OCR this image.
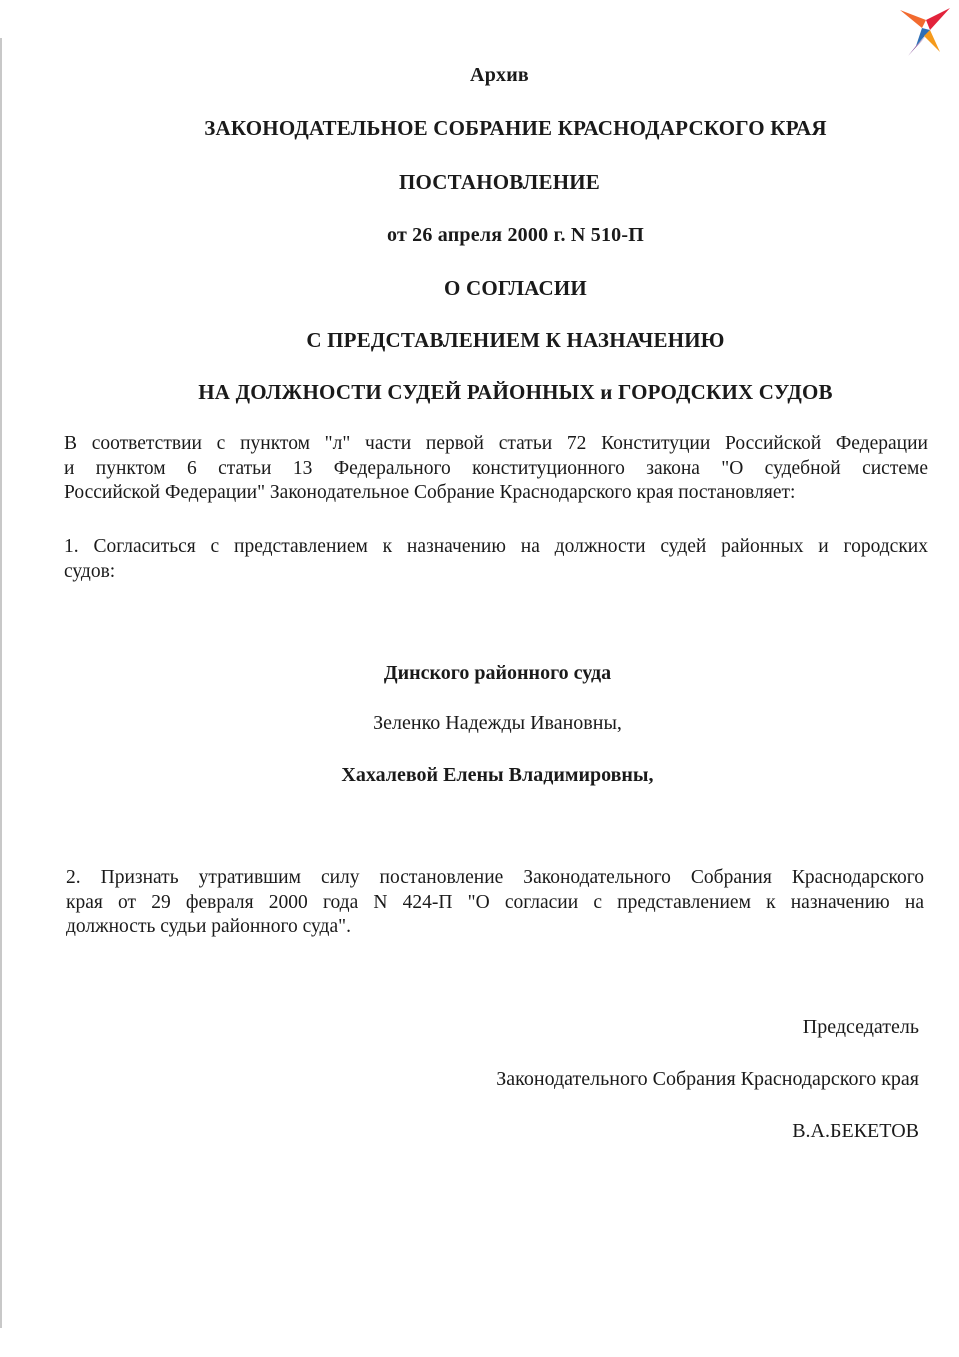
Архив
ЗАКОНОДАТЕЛЬНОЕ СОБРАНИЕ КРАСНОДАРСКОГО КРАЯ
ПОСТАНОВЛЕНИЕ
от 26 апреля 2000 г. N 510-П
О СОГЛАСИИ
С ПРЕДСТАВЛЕНИЕМ К НАЗНАЧЕНИЮ
НА ДОЛЖНОСТИ СУДЕЙ РАЙОННЫХ и ГОРОДСКИХ СУДОВ
В соответствии с пунктом "л" части первой статьи 72 Конституции Российской Федерации
и пунктом 6 статьи 13 Федерального конституционного закона "О судебной системе
Российской Федерации" Законодательное Собрание Краснодарского края постановляет:
1. Согласиться с представлением к назначению на должности судей районных и городских
судов:
Динского районного суда
Зеленко Надежды Ивановны,
Хахалевой Елены Владимировны,
2. Признать утратившим силу постановление Законодательного Собрания Краснодарского
края от 29 февраля 2000 года N 424-П "О согласии с представлением к назначению на
должность судьи районного суда".
Председатель
Законодательного Собрания Краснодарского края
В.А.БЕКЕТОВ
